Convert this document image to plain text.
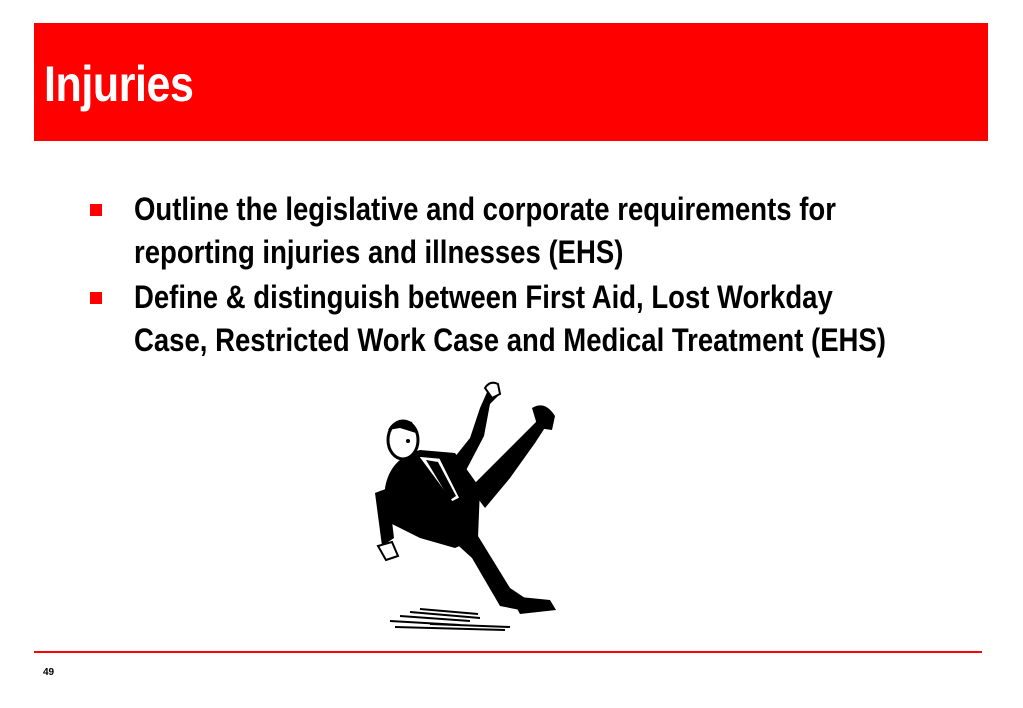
Injuries
Outline the legislative and corporate requirements for reporting injuries and illnesses (EHS)
Define & distinguish between First Aid, Lost Workday Case, Restricted Work Case and Medical Treatment (EHS)
49
